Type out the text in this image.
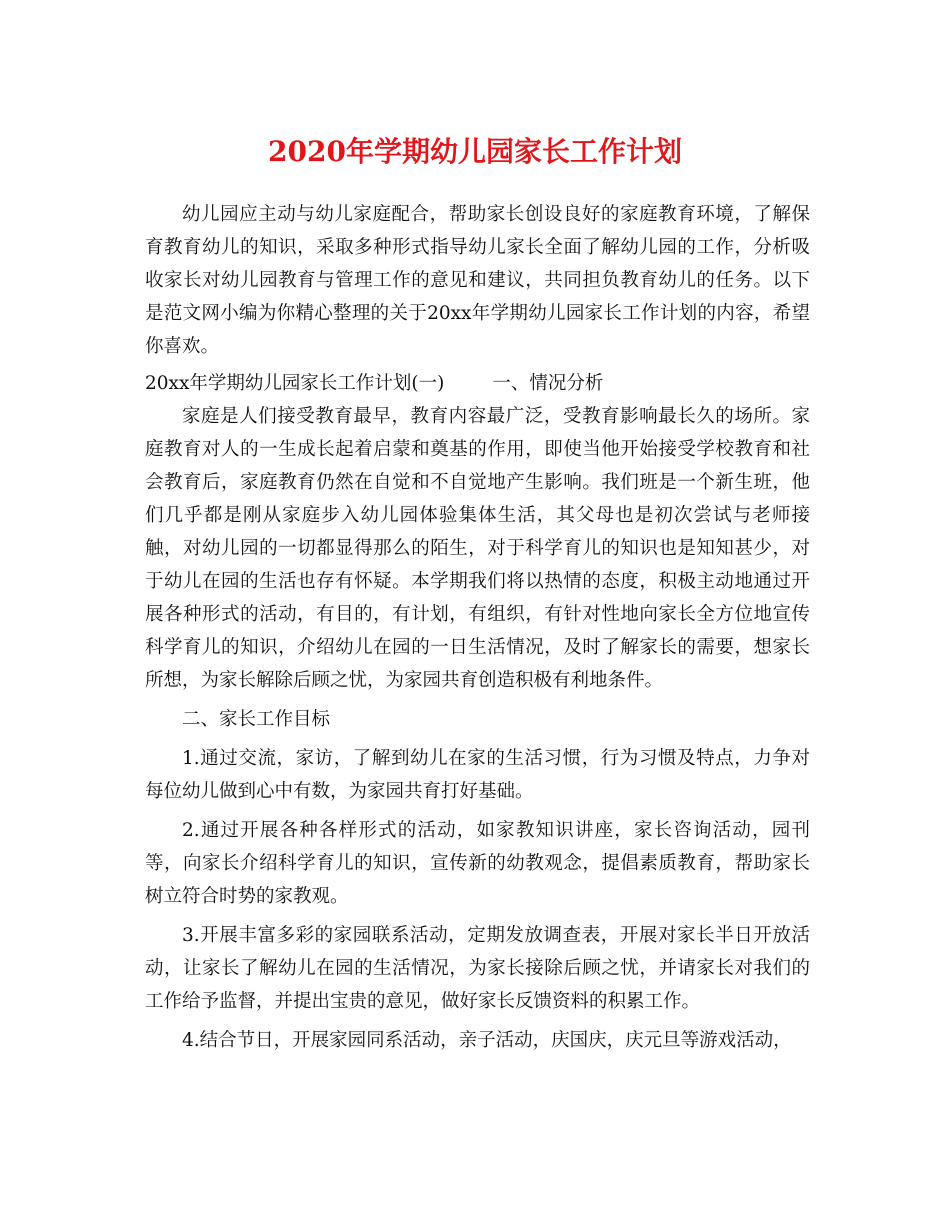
2020年学期幼儿园家长工作计划

幼儿园应主动与幼儿家庭配合，帮助家长创设良好的家庭教育环境，了解保育教育幼儿的知识，采取多种形式指导幼儿家长全面了解幼儿园的工作，分析吸收家长对幼儿园教育与管理工作的意见和建议，共同担负教育幼儿的任务。以下是范文网小编为你精心整理的关于20xx年学期幼儿园家长工作计划的内容，希望你喜欢。

20xx年学期幼儿园家长工作计划(一)	一、情况分析

家庭是人们接受教育最早，教育内容最广泛，受教育影响最长久的场所。家庭教育对人的一生成长起着启蒙和奠基的作用，即使当他开始接受学校教育和社会教育后，家庭教育仍然在自觉和不自觉地产生影响。我们班是一个新生班，他们几乎都是刚从家庭步入幼儿园体验集体生活，其父母也是初次尝试与老师接触，对幼儿园的一切都显得那么的陌生，对于科学育儿的知识也是知知甚少，对于幼儿在园的生活也存有怀疑。本学期我们将以热情的态度，积极主动地通过开展各种形式的活动，有目的，有计划，有组织，有针对性地向家长全方位地宣传科学育儿的知识，介绍幼儿在园的一日生活情况，及时了解家长的需要，想家长所想，为家长解除后顾之忧，为家园共育创造积极有利地条件。

二、家长工作目标

1.通过交流，家访，了解到幼儿在家的生活习惯，行为习惯及特点，力争对每位幼儿做到心中有数，为家园共育打好基础。

2.通过开展各种各样形式的活动，如家教知识讲座，家长咨询活动，园刊等，向家长介绍科学育儿的知识，宣传新的幼教观念，提倡素质教育，帮助家长树立符合时势的家教观。

3.开展丰富多彩的家园联系活动，定期发放调查表，开展对家长半日开放活动，让家长了解幼儿在园的生活情况，为家长接除后顾之忧，并请家长对我们的工作给予监督，并提出宝贵的意见，做好家长反馈资料的积累工作。

4.结合节日，开展家园同系活动，亲子活动，庆国庆，庆元旦等游戏活动，
